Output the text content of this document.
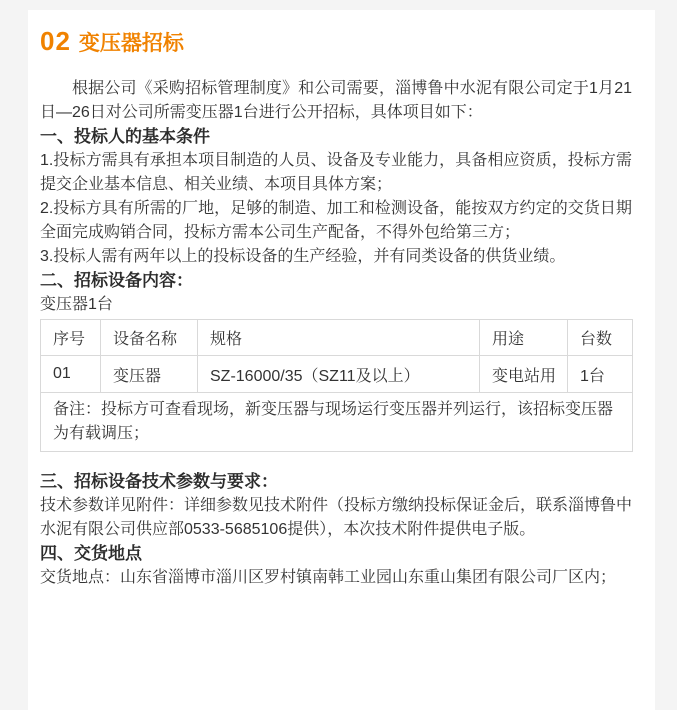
02 变压器招标

根据公司《采购招标管理制度》和公司需要，淄博鲁中水泥有限公司定于1月21日—26日对公司所需变压器1台进行公开招标，具体项目如下：

一、投标人的基本条件

1.投标方需具有承担本项目制造的人员、设备及专业能力，具备相应资质，投标方需提交企业基本信息、相关业绩、本项目具体方案；

2.投标方具有所需的厂地，足够的制造、加工和检测设备，能按双方约定的交货日期全面完成购销合同，投标方需本公司生产配备，不得外包给第三方；

3.投标人需有两年以上的投标设备的生产经验，并有同类设备的供货业绩。

二、招标设备内容：

变压器1台

序号	设备名称	规格	用途	台数
01	变压器	SZ-16000/35（SZ11及以上）	变电站用	1台
备注：投标方可查看现场，新变压器与现场运行变压器并列运行，该招标变压器为有载调压；				
三、招标设备技术参数与要求：

技术参数详见附件：详细参数见技术附件（投标方缴纳投标保证金后，联系淄博鲁中水泥有限公司供应部0533-5685106提供），本次技术附件提供电子版。

四、交货地点

交货地点：山东省淄博市淄川区罗村镇南韩工业园山东重山集团有限公司厂区内；
